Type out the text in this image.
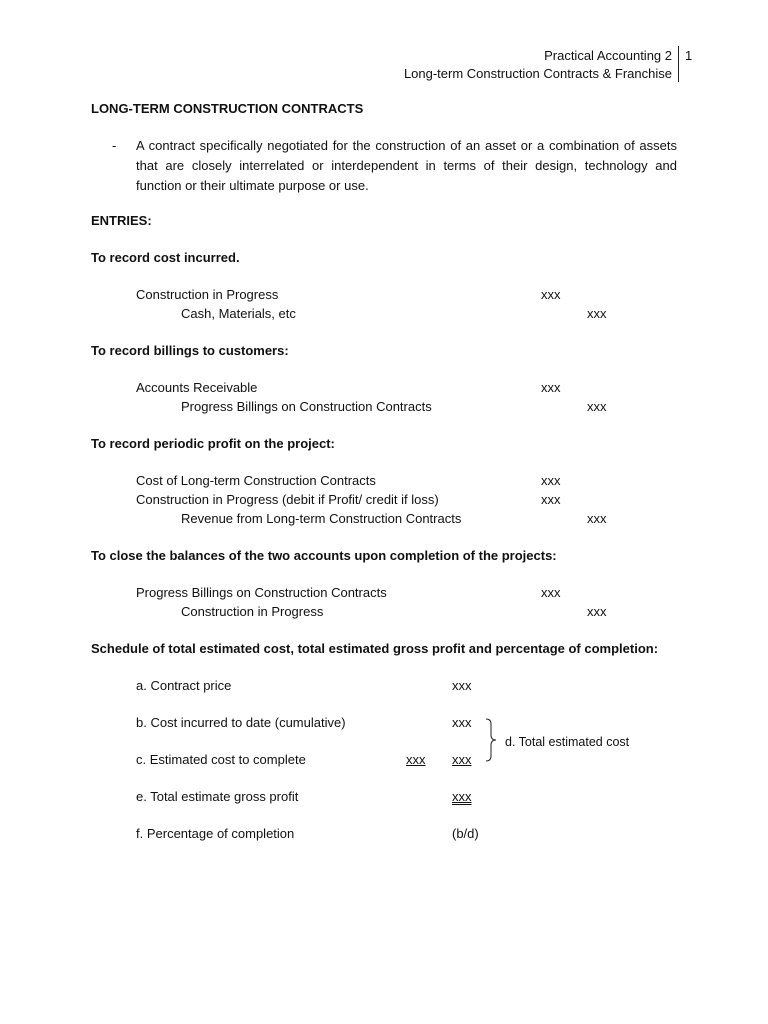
Practical Accounting 2 1
Long-term Construction Contracts & Franchise
LONG-TERM CONSTRUCTION CONTRACTS
- A contract specifically negotiated for the construction of an asset or a combination of assets that are closely interrelated or interdependent in terms of their design, technology and function or their ultimate purpose or use.
ENTRIES:
To record cost incurred.
Construction in Progress	xxx
Cash, Materials, etc	xxx
To record billings to customers:
Accounts Receivable	xxx
Progress Billings on Construction Contracts	xxx
To record periodic profit on the project:
Cost of Long-term Construction Contracts	xxx
Construction in Progress (debit if Profit/ credit if loss)	xxx
Revenue from Long-term Construction Contracts	xxx
To close the balances of the two accounts upon completion of the projects:
Progress Billings on Construction Contracts	xxx
Construction in Progress	xxx
Schedule of total estimated cost, total estimated gross profit and percentage of completion:
a. Contract price	xxx
b. Cost incurred to date (cumulative)	xxx
c. Estimated cost to complete	xxx xxx
e. Total estimate gross profit	xxx
f. Percentage of completion	(b/d)
d. Total estimated cost
